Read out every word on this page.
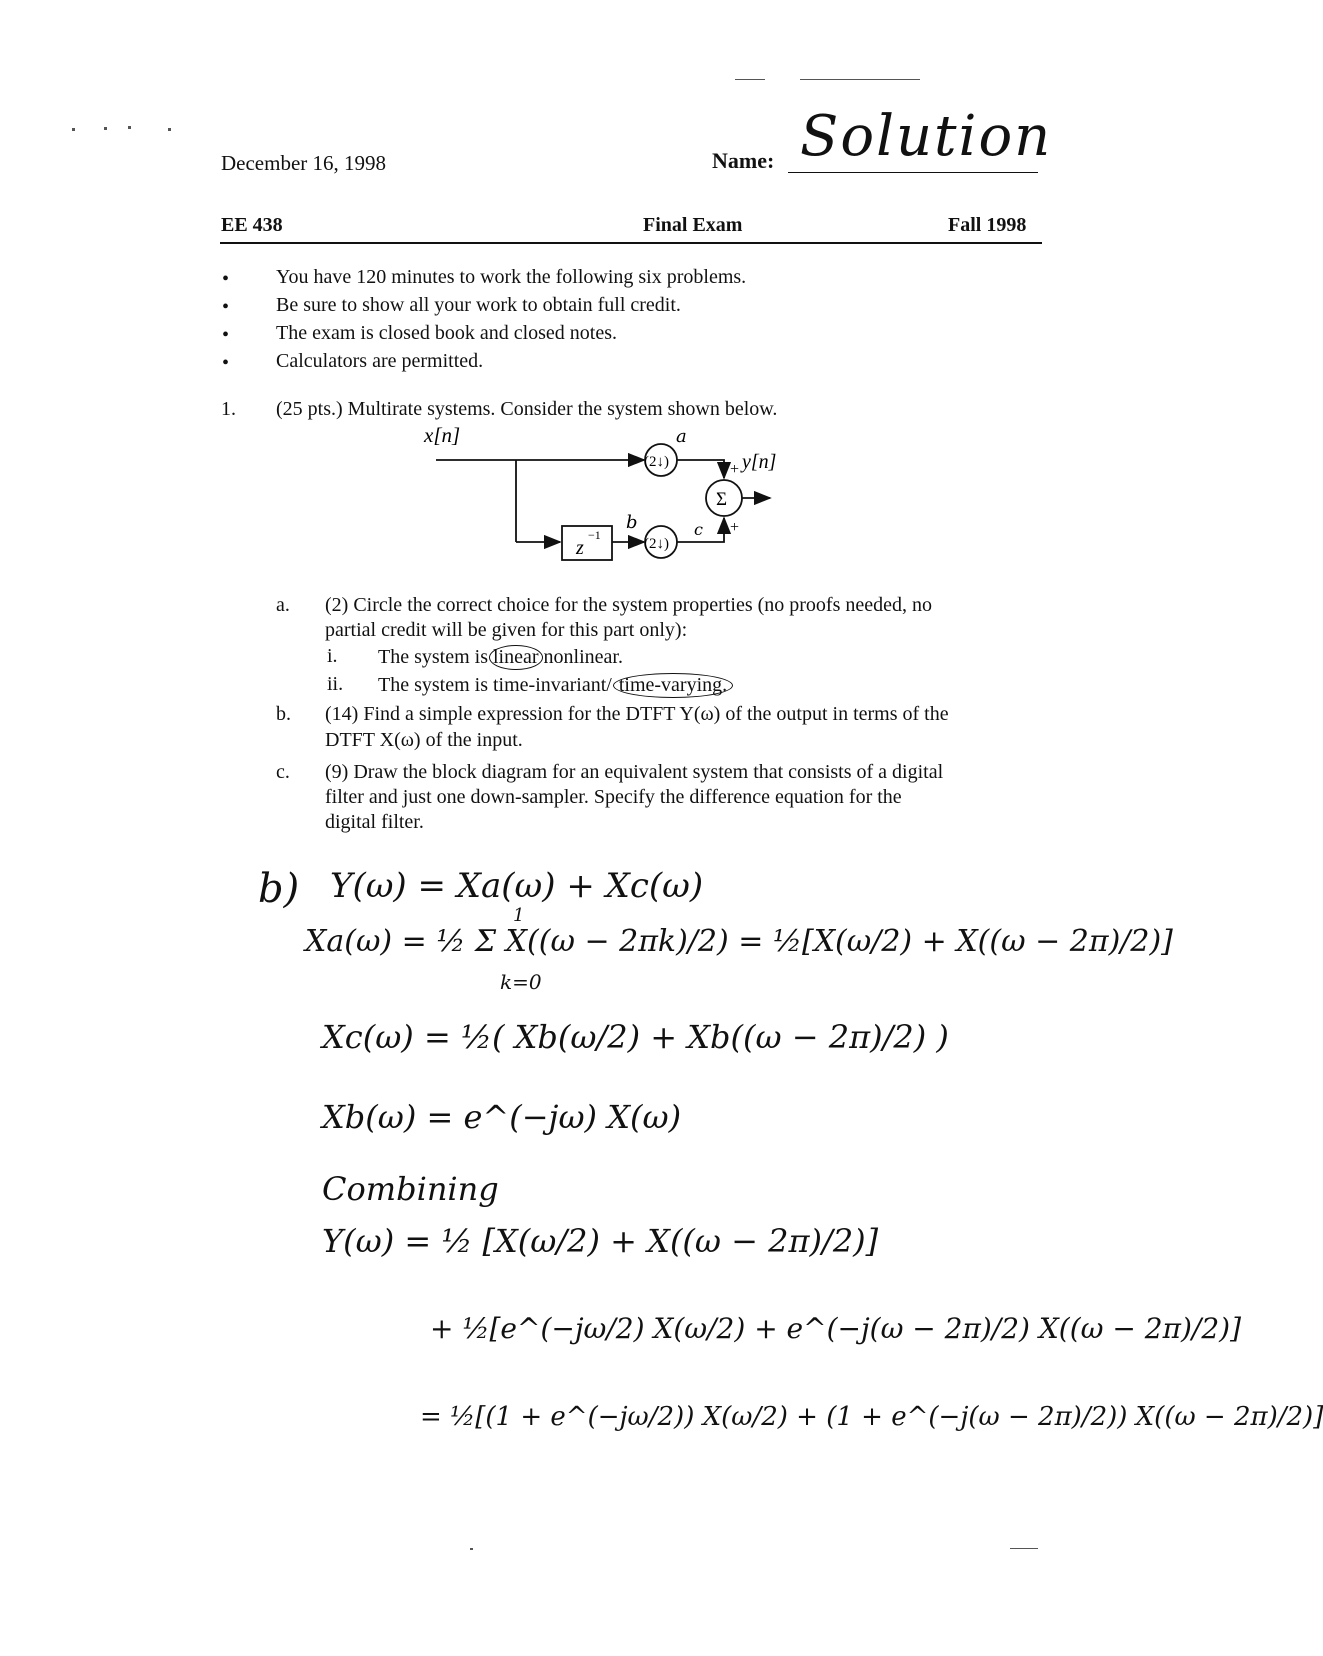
December 16, 1998	Name: Solution
EE 438	Final Exam	Fall 1998
• You have 120 minutes to work the following six problems.
• Be sure to show all your work to obtain full credit.
• The exam is closed book and closed notes.
• Calculators are permitted.
1. (25 pts.) Multirate systems. Consider the system shown below.
x[n]
(2↓)
(2↓)
z
−1
Σ
+
+
y[n]
a
b	c
a. (2) Circle the correct choice for the system properties (no proofs needed, no
partial credit will be given for this part only):
i. The system is linear nonlinear.
ii. The system is time-invariant/ time-varying.
b. (14) Find a simple expression for the DTFT Y(ω) of the output in terms of the
DTFT X(ω) of the input.
c. (9) Draw the block diagram for an equivalent system that consists of a digital
filter and just one down-sampler. Specify the difference equation for the
digital filter.
b) Y(ω) = Xa(ω) + Xc(ω)
1
Xa(ω) = ½ Σ X((ω − 2πk)/2) = ½[X(ω/2) + X((ω − 2π)/2)]
k=0
Xc(ω) = ½( Xb(ω/2) + Xb((ω − 2π)/2) )
Xb(ω) = e^(−jω) X(ω)
Combining
Y(ω) = ½ [X(ω/2) + X((ω − 2π)/2)]
+ ½[e^(−jω/2) X(ω/2) + e^(−j(ω − 2π)/2) X((ω − 2π)/2)]
= ½[(1 + e^(−jω/2)) X(ω/2) + (1 + e^(−j(ω − 2π)/2)) X((ω − 2π)/2)]
